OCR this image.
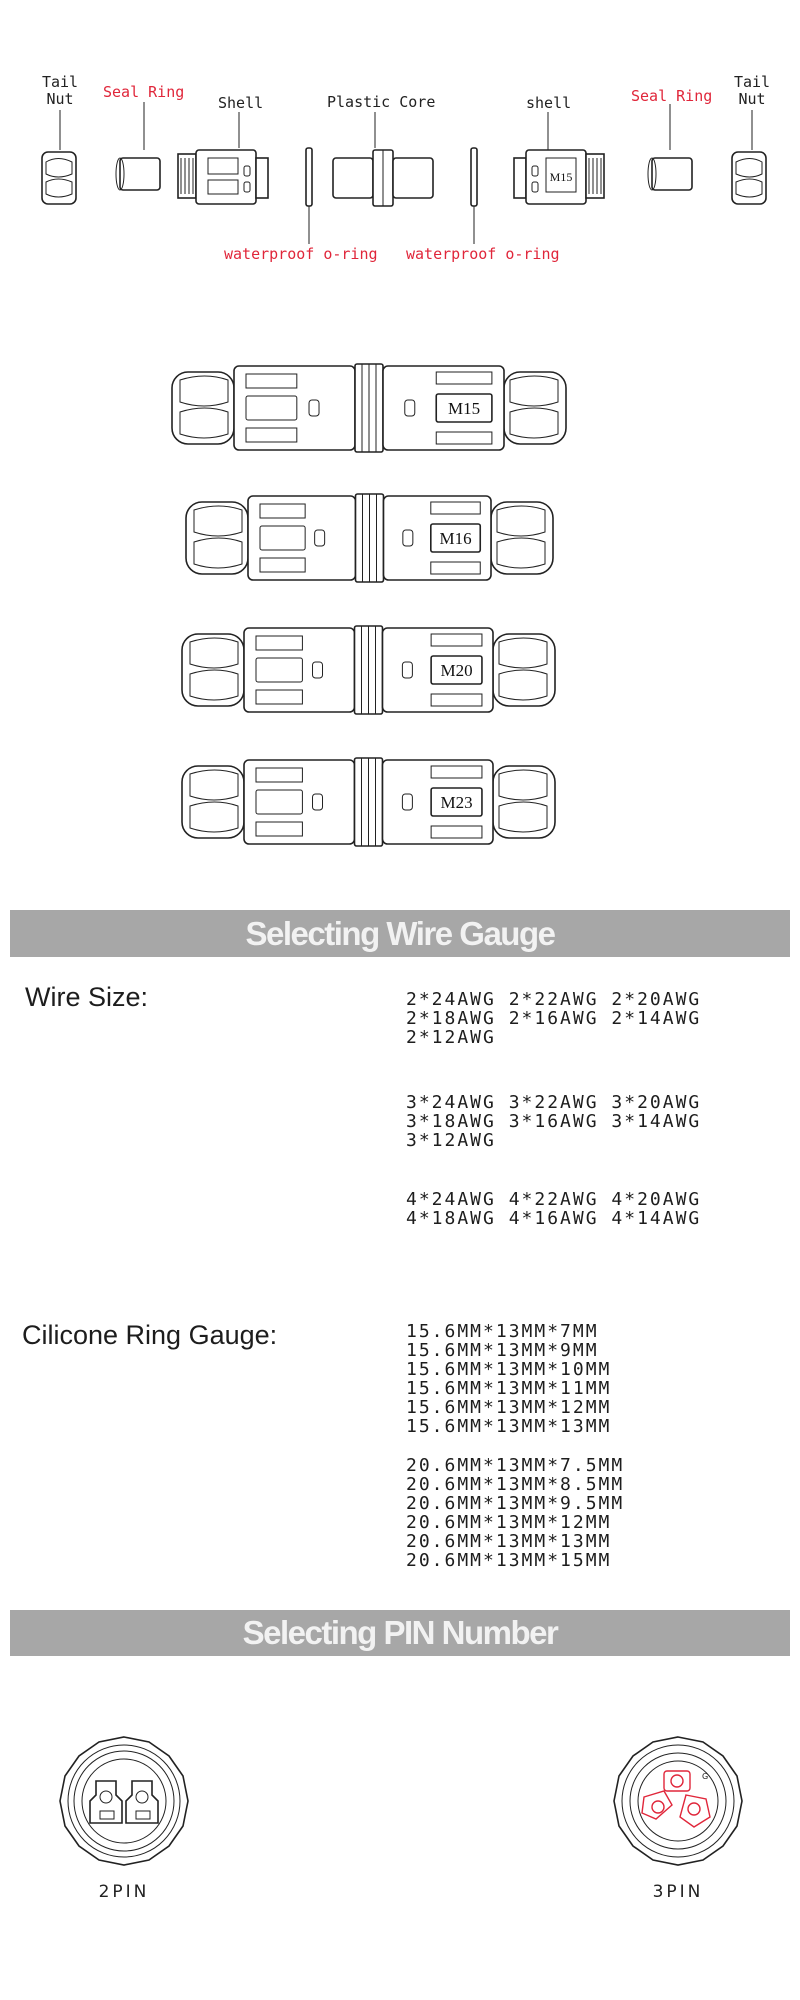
Tail
Nut	Seal Ring
Shell	Plastic Core	shell	Seal Ring
Tail
Nut
waterproof o-ring waterproof o-ring
M15
M15
M16
M20
M23
Selecting Wire Gauge
Wire Size:	2*24AWG 2*22AWG 2*20AWG
2*18AWG 2*16AWG 2*14AWG
2*12AWG
3*24AWG 3*22AWG 3*20AWG
3*18AWG 3*16AWG 3*14AWG
3*12AWG
4*24AWG 4*22AWG 4*20AWG
4*18AWG 4*16AWG 4*14AWG
Cilicone Ring Gauge:	15.6MM*13MM*7MM
15.6MM*13MM*9MM
15.6MM*13MM*10MM
15.6MM*13MM*11MM
15.6MM*13MM*12MM
15.6MM*13MM*13MM
20.6MM*13MM*7.5MM
20.6MM*13MM*8.5MM
20.6MM*13MM*9.5MM
20.6MM*13MM*12MM
20.6MM*13MM*13MM
20.6MM*13MM*15MM
Selecting PIN Number
G
2PIN	3PIN
